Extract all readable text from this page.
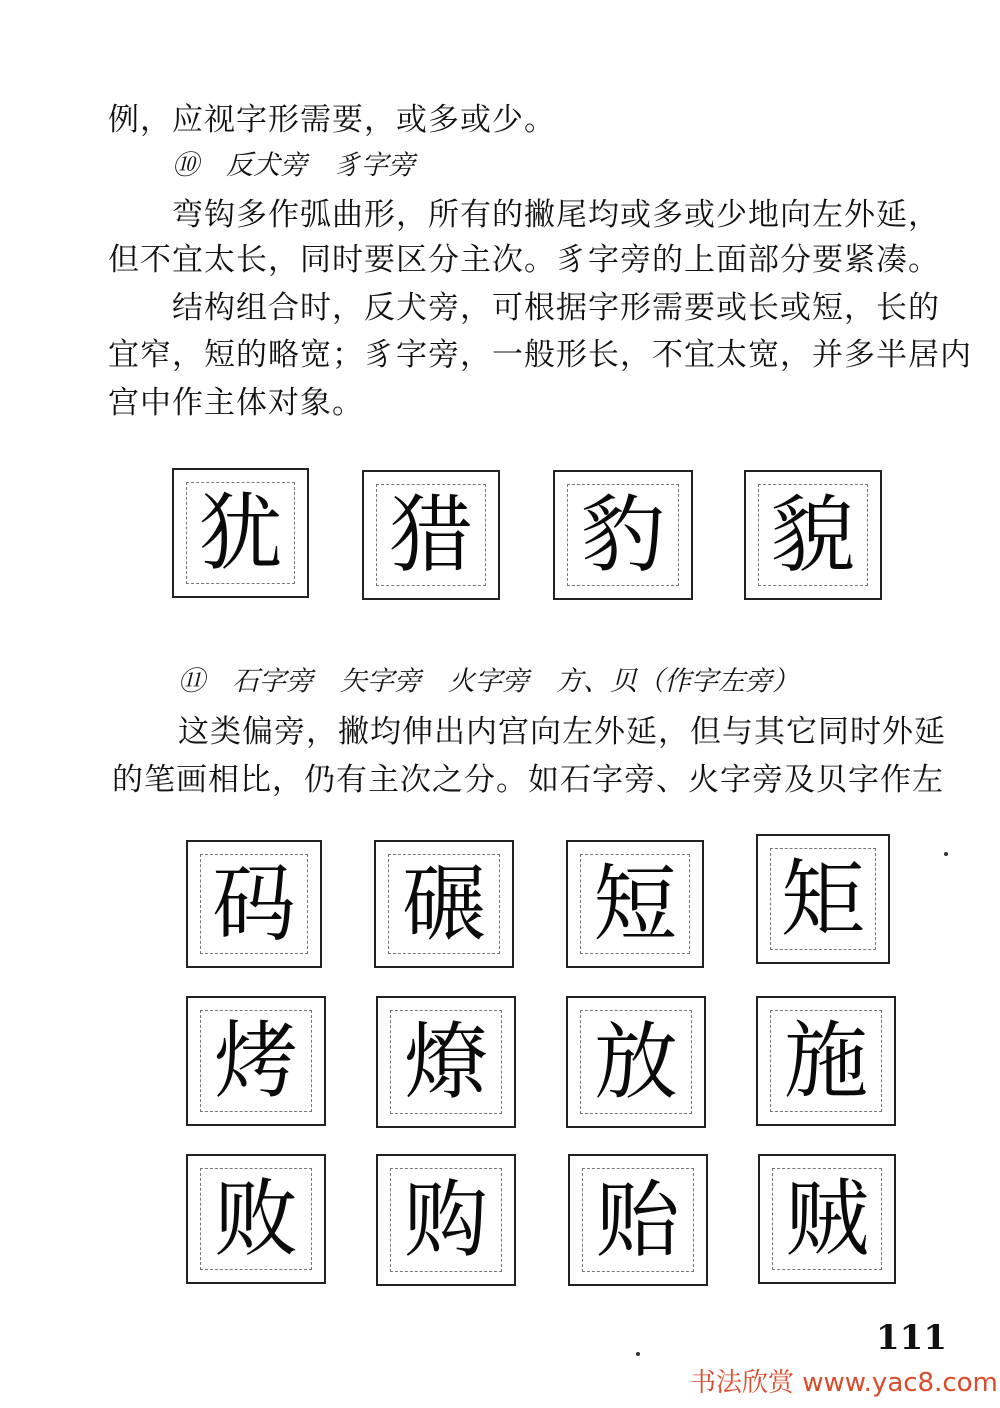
例，应视字形需要，或多或少。
⑩　反犬旁　豸字旁
弯钩多作弧曲形，所有的撇尾均或多或少地向左外延，
但不宜太长，同时要区分主次。豸字旁的上面部分要紧凑。
结构组合时，反犬旁，可根据字形需要或长或短，长的
宜窄，短的略宽；豸字旁，一般形长，不宜太宽，并多半居内
宫中作主体对象。
犹 猎 豹 貌
⑪　石字旁　矢字旁　火字旁　方、贝（作字左旁）
这类偏旁，撇均伸出内宫向左外延，但与其它同时外延
的笔画相比，仍有主次之分。如石字旁、火字旁及贝字作左
码 碾 短 矩
烤 燎 放 施
败 购 贻 贼
111
书法欣赏 www.yac8.com
